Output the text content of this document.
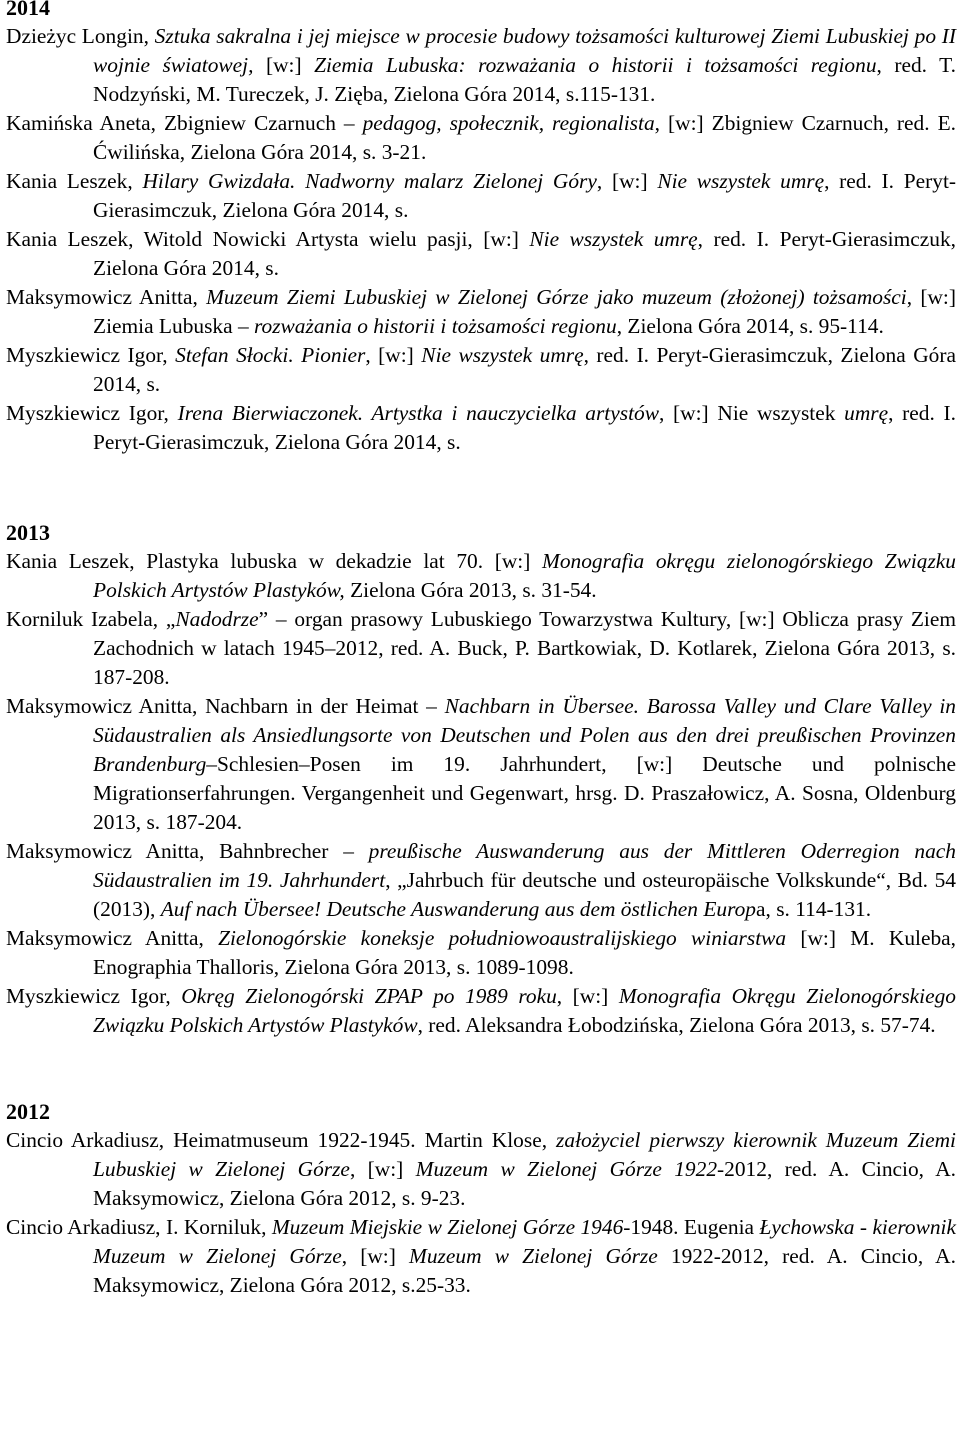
2014
Dzieżyc Longin, Sztuka sakralna i jej miejsce w procesie budowy tożsamości kulturowej Ziemi Lubuskiej po II wojnie światowej, [w:] Ziemia Lubuska: rozważania o historii i tożsamości regionu, red. T. Nodzyński, M. Tureczek, J. Zięba, Zielona Góra 2014, s.115-131.
Kamińska Aneta, Zbigniew Czarnuch – pedagog, społecznik, regionalista, [w:] Zbigniew Czarnuch, red. E. Ćwilińska, Zielona Góra 2014, s. 3-21.
Kania Leszek, Hilary Gwizdała. Nadworny malarz Zielonej Góry, [w:] Nie wszystek umrę, red. I. Peryt-Gierasimczuk, Zielona Góra 2014, s.
Kania Leszek, Witold Nowicki Artysta wielu pasji, [w:] Nie wszystek umrę, red. I. Peryt-Gierasimczuk, Zielona Góra 2014, s.
Maksymowicz Anitta, Muzeum Ziemi Lubuskiej w Zielonej Górze jako muzeum (złożonej) tożsamości, [w:] Ziemia Lubuska – rozważania o historii i tożsamości regionu, Zielona Góra 2014, s. 95-114.
Myszkiewicz Igor, Stefan Słocki. Pionier, [w:] Nie wszystek umrę, red. I. Peryt-Gierasimczuk, Zielona Góra 2014, s.
Myszkiewicz Igor, Irena Bierwiaczonek. Artystka i nauczycielka artystów, [w:] Nie wszystek umrę, red. I. Peryt-Gierasimczuk, Zielona Góra 2014, s.
2013
Kania Leszek, Plastyka lubuska w dekadzie lat 70. [w:] Monografia okręgu zielonogórskiego Związku Polskich Artystów Plastyków, Zielona Góra 2013, s. 31-54.
Korniluk Izabela, „Nadodrze” – organ prasowy Lubuskiego Towarzystwa Kultury, [w:] Oblicza prasy Ziem Zachodnich w latach 1945–2012, red. A. Buck, P. Bartkowiak, D. Kotlarek, Zielona Góra 2013, s. 187-208.
Maksymowicz Anitta, Nachbarn in der Heimat – Nachbarn in Übersee. Barossa Valley und Clare Valley in Südaustralien als Ansiedlungsorte von Deutschen und Polen aus den drei preußischen Provinzen Brandenburg–Schlesien–Posen im 19. Jahrhundert, [w:] Deutsche und polnische Migrationserfahrungen. Vergangenheit und Gegenwart, hrsg. D. Praszałowicz, A. Sosna, Oldenburg 2013, s. 187-204.
Maksymowicz Anitta, Bahnbrecher – preußische Auswanderung aus der Mittleren Oderregion nach Südaustralien im 19. Jahrhundert, „Jahrbuch für deutsche und osteuropäische Volkskunde“, Bd. 54 (2013), Auf nach Übersee! Deutsche Auswanderung aus dem östlichen Europa, s. 114-131.
Maksymowicz Anitta, Zielonogórskie koneksje południowoaustralijskiego winiarstwa [w:] M. Kuleba, Enographia Thalloris, Zielona Góra 2013, s. 1089-1098.
Myszkiewicz Igor, Okręg Zielonogórski ZPAP po 1989 roku, [w:] Monografia Okręgu Zielonogórskiego Związku Polskich Artystów Plastyków, red. Aleksandra Łobodzińska, Zielona Góra 2013, s. 57-74.
2012
Cincio Arkadiusz, Heimatmuseum 1922-1945. Martin Klose, założyciel pierwszy kierownik Muzeum Ziemi Lubuskiej w Zielonej Górze, [w:] Muzeum w Zielonej Górze 1922-2012, red. A. Cincio, A. Maksymowicz, Zielona Góra 2012, s. 9-23.
Cincio Arkadiusz, I. Korniluk, Muzeum Miejskie w Zielonej Górze 1946-1948. Eugenia Łychowska - kierownik Muzeum w Zielonej Górze, [w:] Muzeum w Zielonej Górze 1922-2012, red. A. Cincio, A. Maksymowicz, Zielona Góra 2012, s.25-33.
